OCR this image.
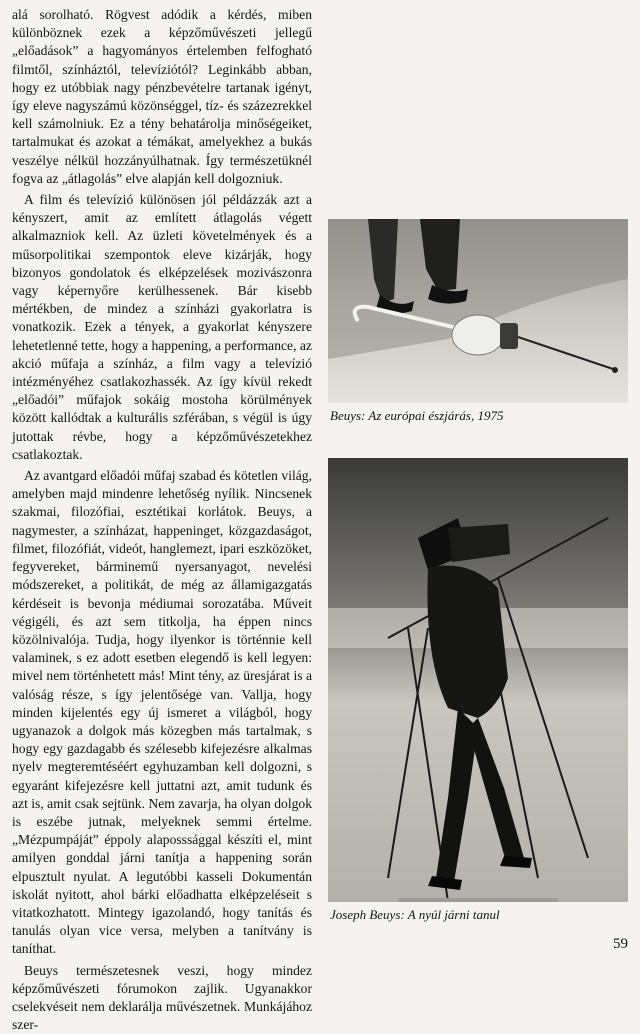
alá sorolható. Rögvest adódik a kérdés, miben különböznek ezek a képzőművészeti jellegű „előadások” a hagyományos értelemben felfogható filmtől, színháztól, televíziótól? Leginkább abban, hogy ez utóbbiak nagy pénzbevételre tartanak igényt, így eleve nagyszámú közönséggel, tíz- és százezrekkel kell számolniuk. Ez a tény behatárolja minőségeiket, tartalmukat és azokat a témákat, amelyekhez a bukás veszélye nélkül hozzányúlhatnak. Így természetüknél fogva az „átlagolás” elve alapján kell dolgozniuk.

A film és televízió különösen jól példázzák azt a kényszert, amit az említett átlagolás végett alkalmazniok kell. Az üzleti követelmények és a műsorpolitikai szempontok eleve kizárják, hogy bizonyos gondolatok és elképzelések mozivászonra vagy képernyőre kerülhessenek. Bár kisebb mértékben, de mindez a színházi gyakorlatra is vonatkozik. Ezek a tények, a gyakorlat kényszere lehetetlenné tette, hogy a happening, a performance, az akció műfaja a színház, a film vagy a televízió intézményéhez csatlakozhassék. Az így kívül rekedt „előadói” műfajok sokáig mostoha körülmények között kallódtak a kulturális szférában, s végül is úgy jutottak révbe, hogy a képzőművészetekhez csatlakoztak.

Az avantgard előadói műfaj szabad és kötetlen világ, amelyben majd mindenre lehetőség nyílik. Nincsenek szakmai, filozófiai, esztétikai korlátok. Beuys, a nagymester, a színházat, happeninget, közgazdaságot, filmet, filozófiát, videót, hanglemezt, ipari eszközöket, fegyvereket, bárminemű nyersanyagot, nevelési módszereket, a politikát, de még az államigazgatás kérdéseit is bevonja médiumai sorozatába. Műveit végigéli, és azt sem titkolja, ha éppen nincs közölnivalója. Tudja, hogy ilyenkor is történnie kell valaminek, s ez adott esetben elegendő is kell legyen: mivel nem történhetett más! Mint tény, az üresjárat is a valóság része, s így jelentősége van. Vallja, hogy minden kijelentés egy új ismeret a világból, hogy ugyanazok a dolgok más közegben más tartalmak, s hogy egy gazdagabb és szélesebb kifejezésre alkalmas nyelv megteremtéséért egyhuzamban kell dolgozni, s egyaránt kifejezésre kell juttatni azt, amit tudunk és azt is, amit csak sejtünk. Nem zavarja, ha olyan dolgok is eszébe jutnak, melyeknek semmi értelme. „Mézpumpáját” éppoly alaposssággal készíti el, mint amilyen gonddal járni tanítja a happening során elpusztult nyulat. A legutóbbi kasseli Dokumentán iskolát nyitott, ahol bárki előadhatta elképzeléseit s vitatkozhatott. Mintegy igazolandó, hogy tanítás és tanulás olyan vice versa, melyben a tanítvány is taníthat.

Beuys természetesnek veszi, hogy mindez képzőművészeti fórumokon zajlik. Ugyanakkor cselekvéseit nem deklarálja művészetnek. Munkájához szer-

Beuys: Az európai észjárás, 1975
Joseph Beuys: A nyúl járni tanul
59
